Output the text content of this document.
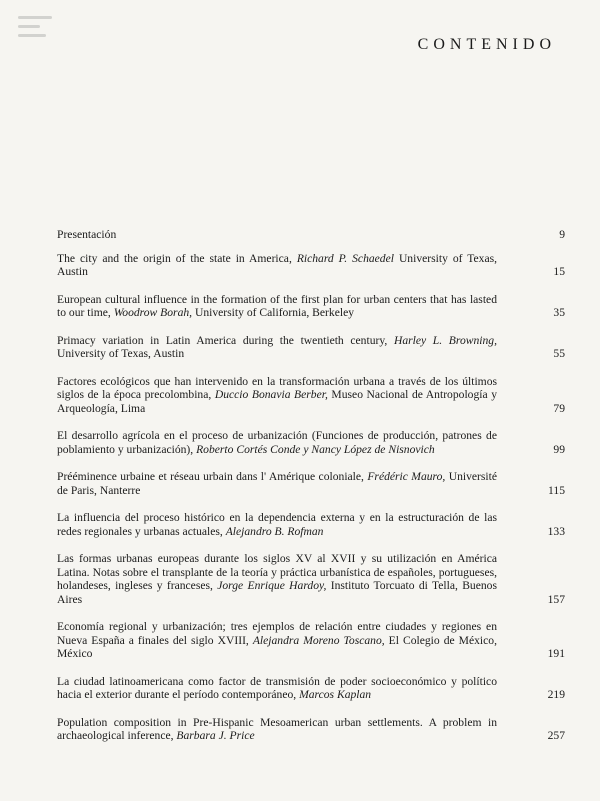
CONTENIDO
Presentación	9
The city and the origin of the state in America, Richard P. Schaedel University of Texas, Austin	15
European cultural influence in the formation of the first plan for urban centers that has lasted to our time, Woodrow Borah, University of California, Berkeley	35
Primacy variation in Latin America during the twentieth century, Harley L. Browning, University of Texas, Austin	55
Factores ecológicos que han intervenido en la transformación urbana a través de los últimos siglos de la época precolombina, Duccio Bonavia Berber, Museo Nacional de Antropología y Arqueología, Lima	79
El desarrollo agrícola en el proceso de urbanización (Funciones de producción, patrones de poblamiento y urbanización), Roberto Cortés Conde y Nancy López de Nisnovich	99
Prééminence urbaine et réseau urbain dans l' Amérique coloniale, Frédéric Mauro, Université de Paris, Nanterre	115
La influencia del proceso histórico en la dependencia externa y en la estructuración de las redes regionales y urbanas actuales, Alejandro B. Rofman	133
Las formas urbanas europeas durante los siglos XV al XVII y su utilización en América Latina. Notas sobre el transplante de la teoría y práctica urbanística de españoles, portugueses, holandeses, ingleses y franceses, Jorge Enrique Hardoy, Instituto Torcuato di Tella, Buenos Aires	157
Economía regional y urbanización; tres ejemplos de relación entre ciudades y regiones en Nueva España a finales del siglo XVIII, Alejandra Moreno Toscano, El Colegio de México, México	191
La ciudad latinoamericana como factor de transmisión de poder socioeconómico y político hacia el exterior durante el período contemporáneo, Marcos Kaplan	219
Population composition in Pre-Hispanic Mesoamerican urban settlements. A problem in archaeological inference, Barbara J. Price	257
